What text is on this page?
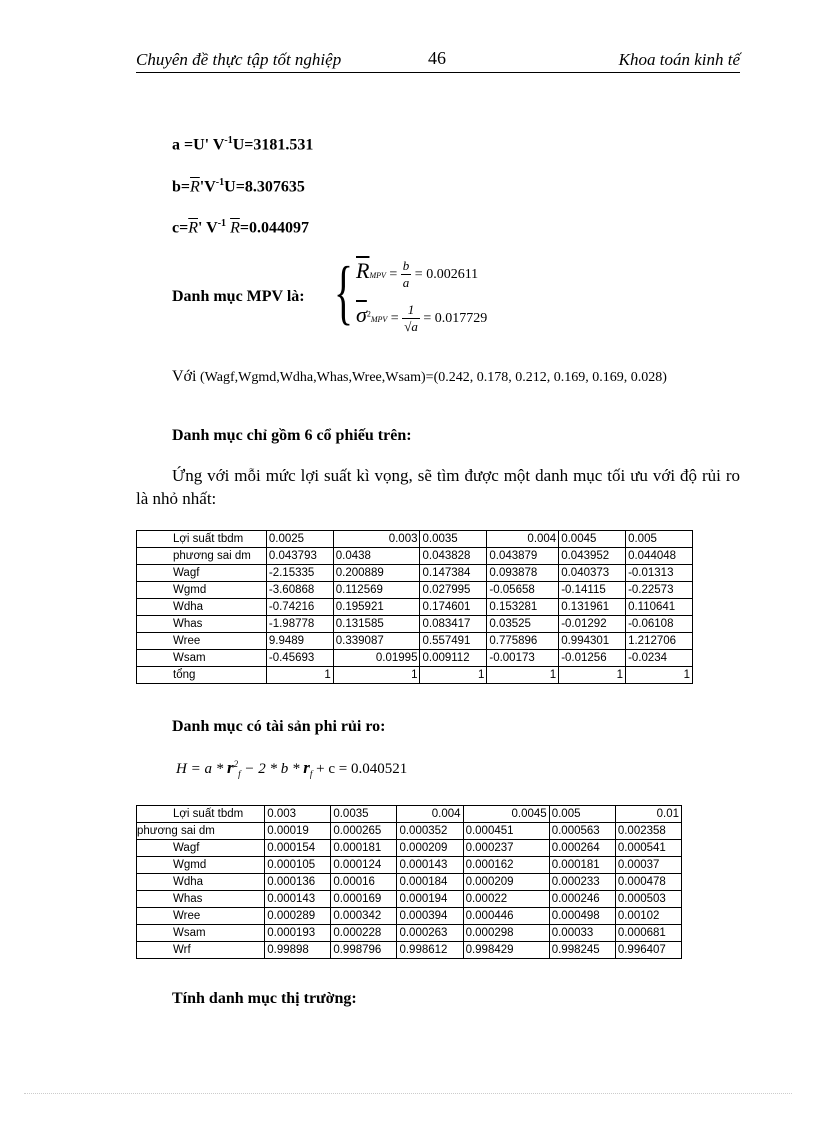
Chuyên đề thực tập tốt nghiệp	46	Khoa toán kinh tế
a =U' $V^{-1}U=3181.531$
$b=\overline{R}'V^{-1}U=8.307635$
$c=\overline{R}'$ $V^{-1}$ $\overline{R}=0.044097$
Danh mục MPV là: { $\overline{R}MPV = \frac{b}{a} = 0.002611$
$\overline{\sigma}^2MPV = \frac{1}{√a} = 0.017729$
Với (Wagf,Wgmd,Wdha,Whas,Wree,Wsam)=(0.242, 0.178, 0.212, 0.169, 0.169, 0.028)
Danh mục chỉ gồm 6 cổ phiếu trên:
Ứng với mỗi mức lợi suất kì vọng, sẽ tìm được một danh mục tối ưu với độ rủi ro là nhỏ nhất:
Lợi suất tbdm	0.0025	0.003	0.0035	0.004	0.0045	0.005
phương sai dm	0.043793	0.0438	0.043828	0.043879	0.043952	0.044048
Wagf	-2.15335	0.200889	0.147384	0.093878	0.040373	-0.01313
Wgmd	-3.60868	0.112569	0.027995	-0.05658	-0.14115	-0.22573
Wdha	-0.74216	0.195921	0.174601	0.153281	0.131961	0.110641
Whas	-1.98778	0.131585	0.083417	0.03525	-0.01292	-0.06108
Wree	9.9489	0.339087	0.557491	0.775896	0.994301	1.212706
Wsam	-0.45693	0.01995	0.009112	-0.00173	-0.01256	-0.0234
tổng	1	1	1	1	1	1
Danh mục có tài sản phi rủi ro:
$H = a * r^2_f - 2 * b * r_f + c = 0.040521$
Lợi suất tbdm	0.003	0.0035	0.004	0.0045	0.005	0.01
phương sai dm	0.00019	0.000265	0.000352	0.000451	0.000563	0.002358
Wagf	0.000154	0.000181	0.000209	0.000237	0.000264	0.000541
Wgmd	0.000105	0.000124	0.000143	0.000162	0.000181	0.00037
Wdha	0.000136	0.00016	0.000184	0.000209	0.000233	0.000478
Whas	0.000143	0.000169	0.000194	0.00022	0.000246	0.000503
Wree	0.000289	0.000342	0.000394	0.000446	0.000498	0.00102
Wsam	0.000193	0.000228	0.000263	0.000298	0.00033	0.000681
Wrf	0.99898	0.998796	0.998612	0.998429	0.998245	0.996407
Tính danh mục thị trường:
